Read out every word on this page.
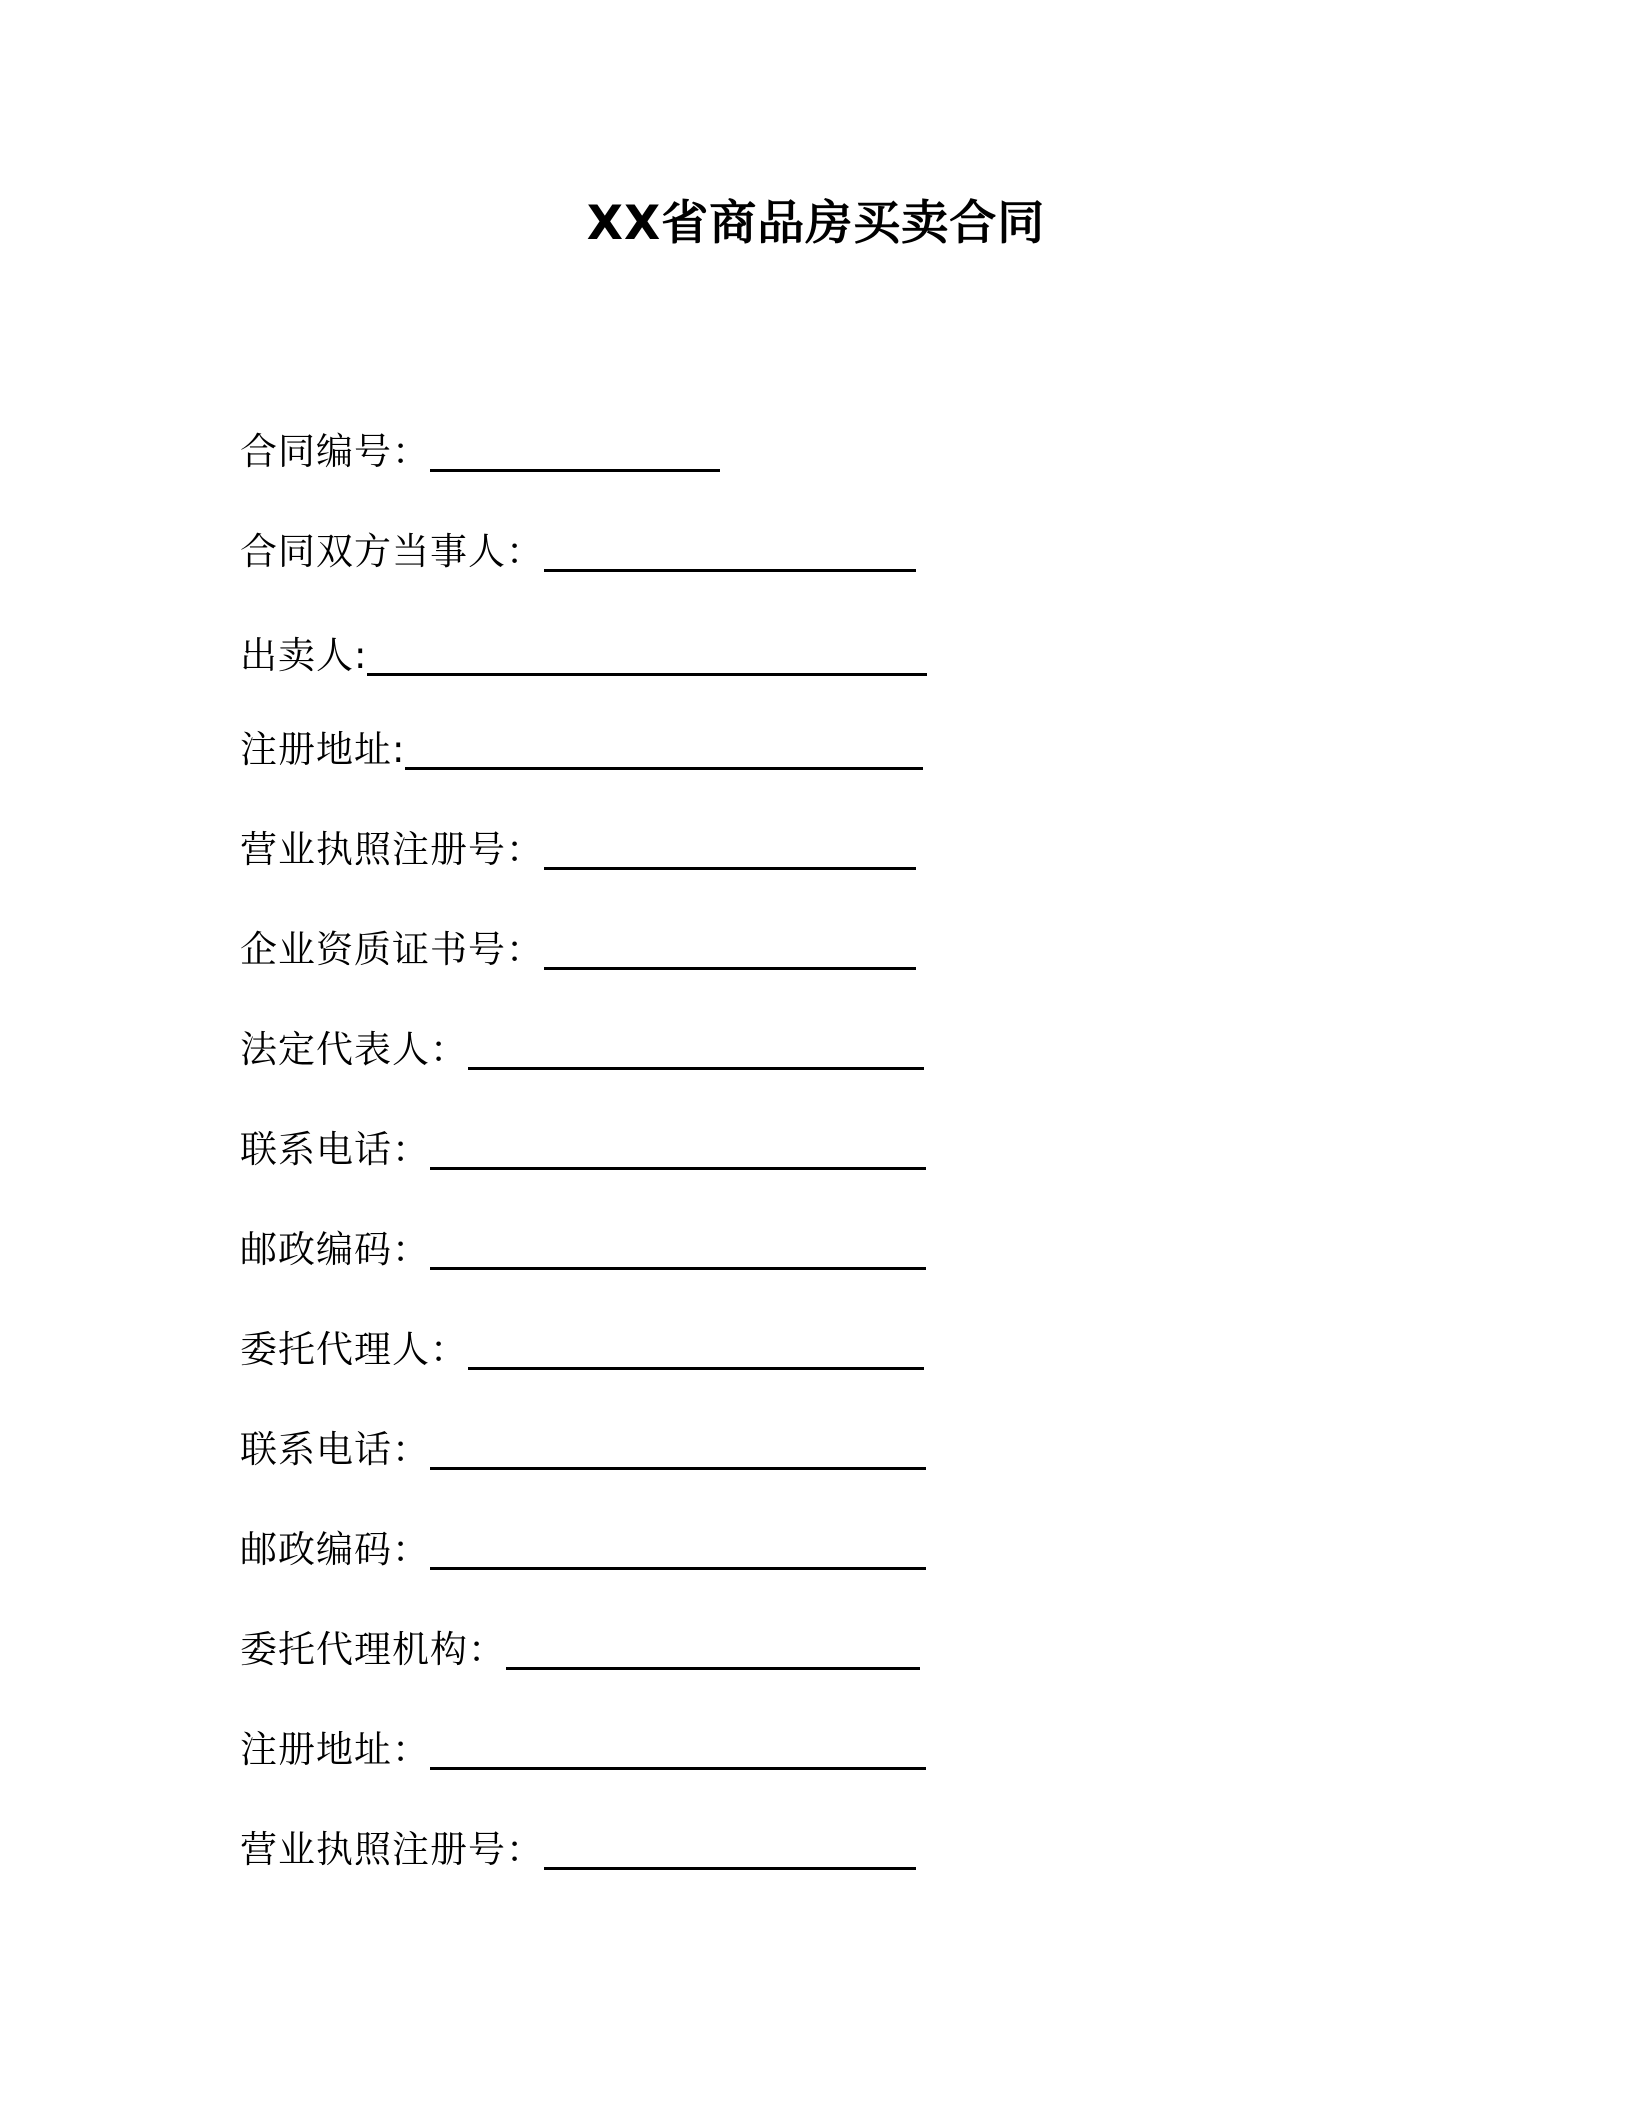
XX省商品房买卖合同
合同编号：
合同双方当事人：
出卖人:
注册地址:
营业执照注册号：
企业资质证书号：
法定代表人：
联系电话：
邮政编码：
委托代理人：
联系电话：
邮政编码：
委托代理机构：
注册地址：
营业执照注册号：
